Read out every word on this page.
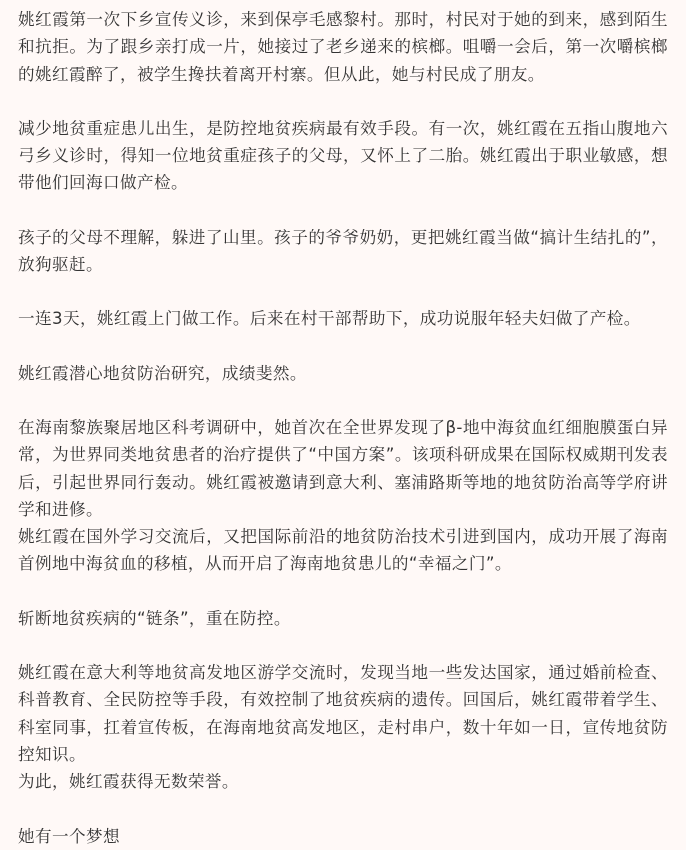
姚红霞第一次下乡宣传义诊，来到保亭毛感黎村。那时，村民对于她的到来，感到陌生和抗拒。为了跟乡亲打成一片，她接过了老乡递来的槟榔。咀嚼一会后，第一次嚼槟榔的姚红霞醉了，被学生搀扶着离开村寨。但从此，她与村民成了朋友。

减少地贫重症患儿出生，是防控地贫疾病最有效手段。有一次，姚红霞在五指山腹地六弓乡义诊时，得知一位地贫重症孩子的父母，又怀上了二胎。姚红霞出于职业敏感，想带他们回海口做产检。

孩子的父母不理解，躲进了山里。孩子的爷爷奶奶，更把姚红霞当做“搞计生结扎的”，放狗驱赶。

一连3天，姚红霞上门做工作。后来在村干部帮助下，成功说服年轻夫妇做了产检。

姚红霞潜心地贫防治研究，成绩斐然。

在海南黎族聚居地区科考调研中，她首次在全世界发现了β-地中海贫血红细胞膜蛋白异常，为世界同类地贫患者的治疗提供了“中国方案”。该项科研成果在国际权威期刊发表后，引起世界同行轰动。姚红霞被邀请到意大利、塞浦路斯等地的地贫防治高等学府讲学和进修。
姚红霞在国外学习交流后，又把国际前沿的地贫防治技术引进到国内，成功开展了海南首例地中海贫血的移植，从而开启了海南地贫患儿的“幸福之门”。

斩断地贫疾病的“链条”，重在防控。

姚红霞在意大利等地贫高发地区游学交流时，发现当地一些发达国家，通过婚前检查、科普教育、全民防控等手段，有效控制了地贫疾病的遗传。回国后，姚红霞带着学生、科室同事，扛着宣传板，在海南地贫高发地区，走村串户，数十年如一日，宣传地贫防控知识。
为此，姚红霞获得无数荣誉。

她有一个梦想
